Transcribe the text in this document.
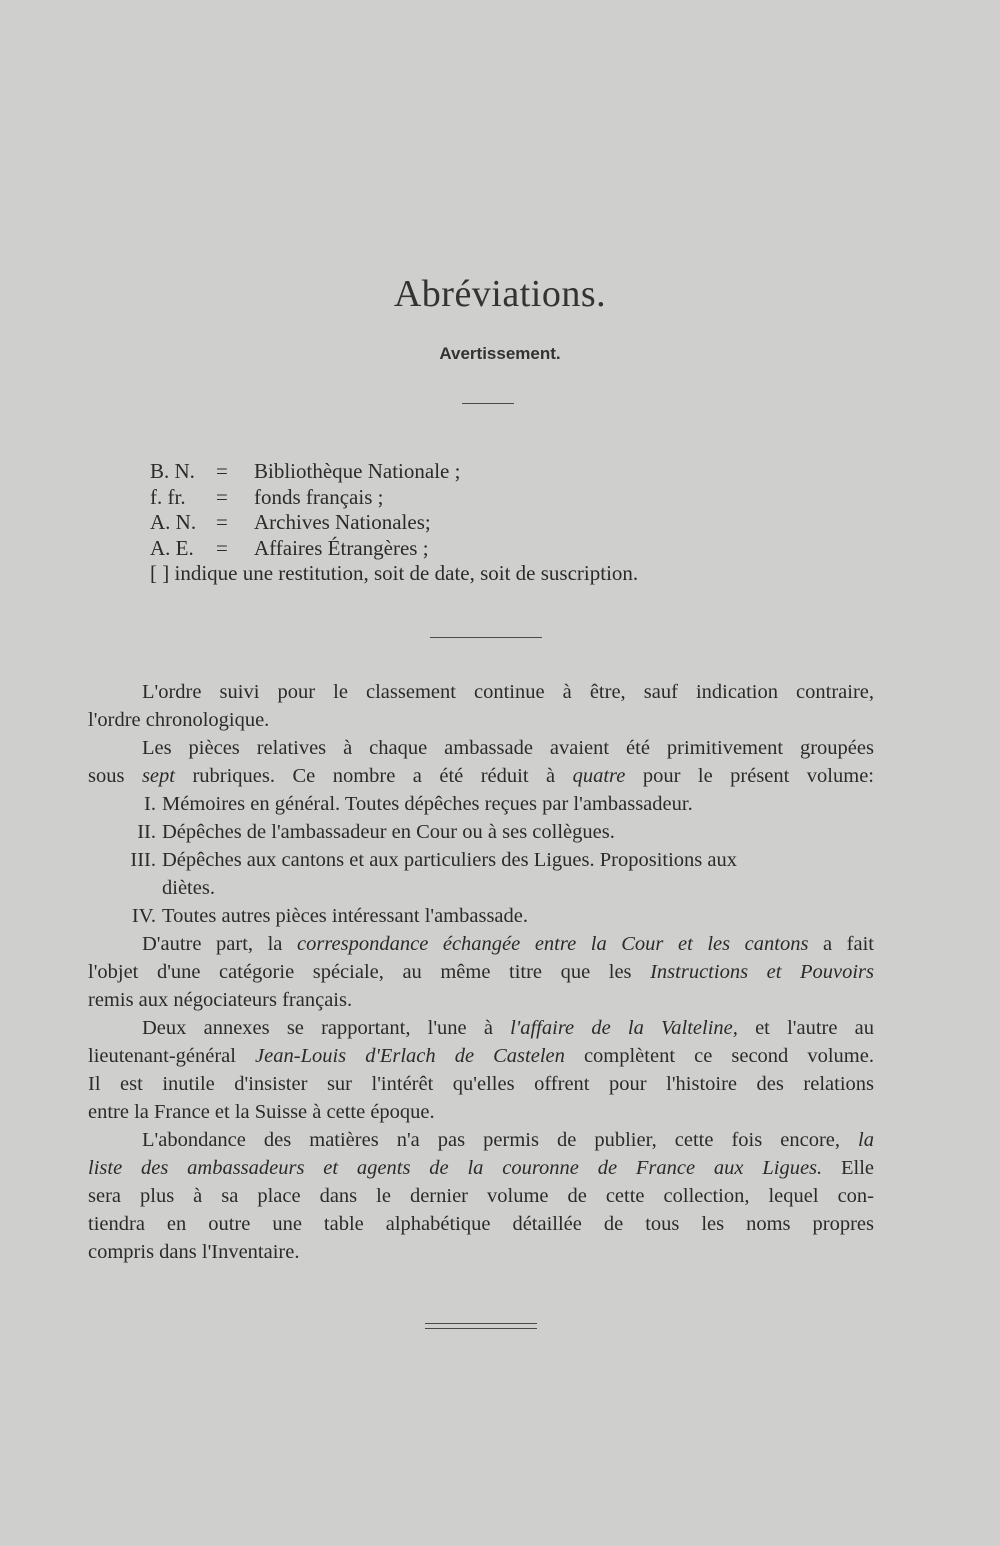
Abréviations.
Avertissement.
B. N. = Bibliothèque Nationale ;
f. fr. = fonds français ;
A. N. = Archives Nationales;
A. E. = Affaires Étrangères ;
[ ] indique une restitution, soit de date, soit de suscription.
L'ordre suivi pour le classement continue à être, sauf indication contraire,
l'ordre chronologique.
Les pièces relatives à chaque ambassade avaient été primitivement groupées
sous sept rubriques. Ce nombre a été réduit à quatre pour le présent volume:
I. Mémoires en général. Toutes dépêches reçues par l'ambassadeur.
II. Dépêches de l'ambassadeur en Cour ou à ses collègues.
III. Dépêches aux cantons et aux particuliers des Ligues. Propositions aux
diètes.
IV. Toutes autres pièces intéressant l'ambassade.
D'autre part, la correspondance échangée entre la Cour et les cantons a fait
l'objet d'une catégorie spéciale, au même titre que les Instructions et Pouvoirs
remis aux négociateurs français.
Deux annexes se rapportant, l'une à l'affaire de la Valteline, et l'autre au
lieutenant-général Jean-Louis d'Erlach de Castelen complètent ce second volume.
Il est inutile d'insister sur l'intérêt qu'elles offrent pour l'histoire des relations
entre la France et la Suisse à cette époque.
L'abondance des matières n'a pas permis de publier, cette fois encore, la
liste des ambassadeurs et agents de la couronne de France aux Ligues. Elle
sera plus à sa place dans le dernier volume de cette collection, lequel con-
tiendra en outre une table alphabétique détaillée de tous les noms propres
compris dans l'Inventaire.
